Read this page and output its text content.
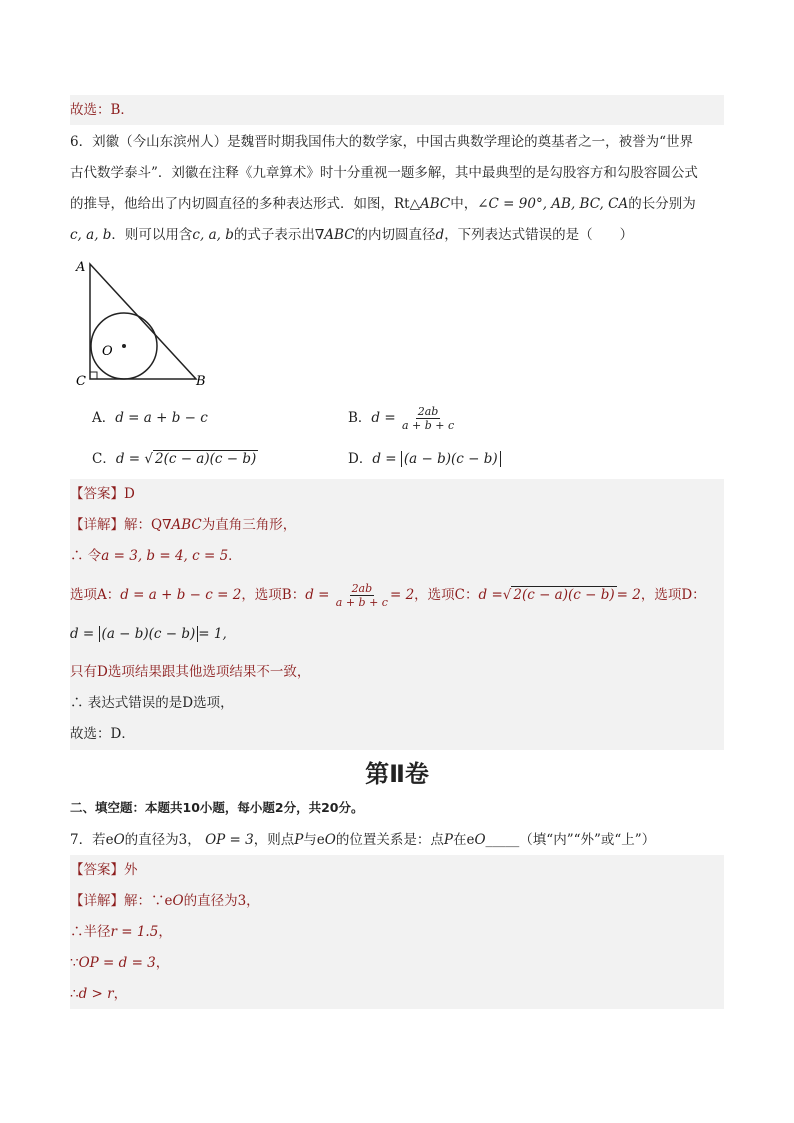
故选：B．
6．刘徽（今山东滨州人）是魏晋时期我国伟大的数学家，中国古典数学理论的奠基者之一，被誉为“世界
古代数学泰斗”．刘徽在注释《九章算术》时十分重视一题多解，其中最典型的是勾股容方和勾股容圆公式
的推导，他给出了内切圆直径的多种表达形式．如图，Rt△ABC中，∠C = 90°, AB, BC, CA的长分别为
c, a, b．则可以用含c, a, b的式子表示出∇ABC的内切圆直径d，下列表达式错误的是（　　）
A
C	B
O
A．d = a + b − c	B．$d = \frac{2ab}{a + b + c}$
C．d = √ 2(c − a)(c − b)	D．d = (a − b)(c − b)
【答案】D
【详解】解：Q∇ABC为直角三角形，
∴ 令a = 3, b = 4, c = 5．
选项A：d = a + b − c = 2，选项B：$d = \frac{2ab}{a + b + c} = 2$，选项C：d =√ 2(c − a)(c − b) = 2，选项D：
d = (a − b)(c − b) = 1,
只有D选项结果跟其他选项结果不一致，
∴ 表达式错误的是D选项，
故选：D．
第Ⅱ卷
二、填空题：本题共10小题，每小题2分，共20分。
7．若eO的直径为3， OP = 3，则点P与eO的位置关系是：点P在eO_____（填“内”“外”或“上”）
【答案】外
【详解】解：∵eO的直径为3，
∴半径r = 1.5，
∵OP = d = 3，
∴d > r，
